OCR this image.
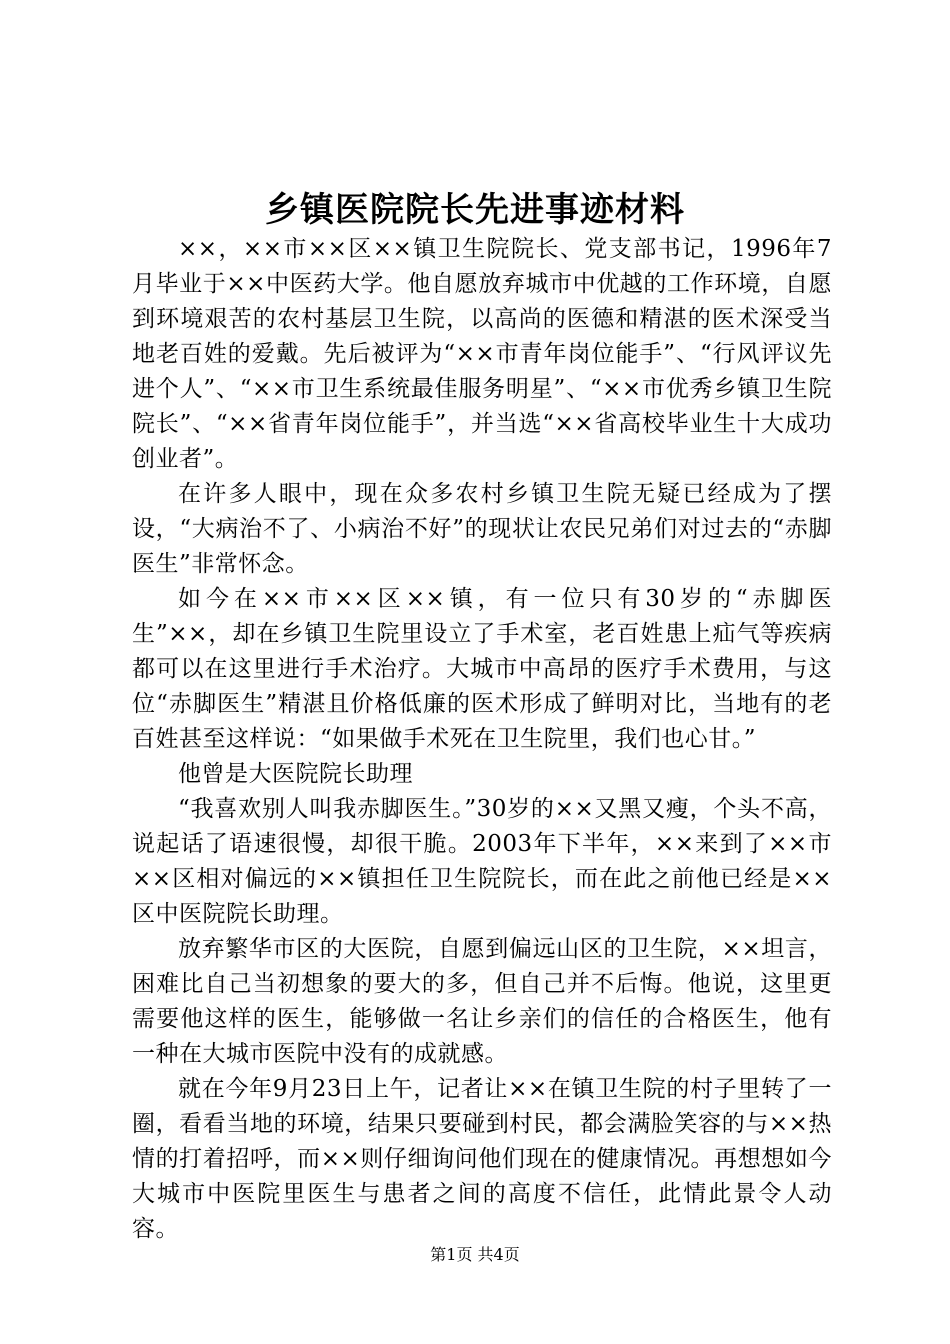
乡镇医院院长先进事迹材料

××，××市××区××镇卫生院院长、党支部书记，1996年7月毕业于××中医药大学。他自愿放弃城市中优越的工作环境，自愿到环境艰苦的农村基层卫生院，以高尚的医德和精湛的医术深受当地老百姓的爱戴。先后被评为“××市青年岗位能手”、“行风评议先进个人”、“××市卫生系统最佳服务明星”、“××市优秀乡镇卫生院院长”、“××省青年岗位能手”，并当选“××省高校毕业生十大成功创业者”。

在许多人眼中，现在众多农村乡镇卫生院无疑已经成为了摆设，“大病治不了、小病治不好”的现状让农民兄弟们对过去的“赤脚医生”非常怀念。

如今在××市××区××镇，有一位只有30岁的“赤脚医生”××，却在乡镇卫生院里设立了手术室，老百姓患上疝气等疾病都可以在这里进行手术治疗。大城市中高昂的医疗手术费用，与这位“赤脚医生”精湛且价格低廉的医术形成了鲜明对比，当地有的老百姓甚至这样说：“如果做手术死在卫生院里，我们也心甘。”

他曾是大医院院长助理

“我喜欢别人叫我赤脚医生。”30岁的××又黑又瘦，个头不高，说起话了语速很慢，却很干脆。2003年下半年，××来到了××市××区相对偏远的××镇担任卫生院院长，而在此之前他已经是××区中医院院长助理。

放弃繁华市区的大医院，自愿到偏远山区的卫生院，××坦言，困难比自己当初想象的要大的多，但自己并不后悔。他说，这里更需要他这样的医生，能够做一名让乡亲们的信任的合格医生，他有一种在大城市医院中没有的成就感。

就在今年9月23日上午，记者让××在镇卫生院的村子里转了一圈，看看当地的环境，结果只要碰到村民，都会满脸笑容的与××热情的打着招呼，而××则仔细询问他们现在的健康情况。再想想如今大城市中医院里医生与患者之间的高度不信任，此情此景令人动容。

第1页 共4页
